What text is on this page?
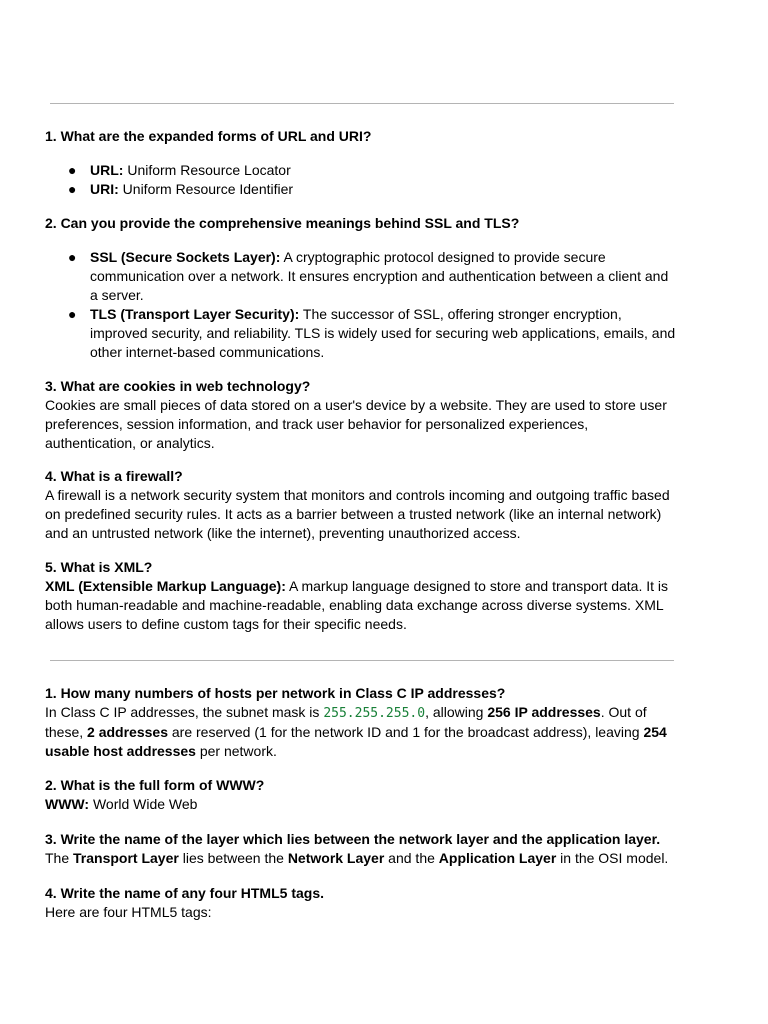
1. What are the expanded forms of URL and URI?

● URL: Uniform Resource Locator
● URI: Uniform Resource Identifier

2. Can you provide the comprehensive meanings behind SSL and TLS?

● SSL (Secure Sockets Layer): A cryptographic protocol designed to provide secure communication over a network. It ensures encryption and authentication between a client and a server.
● TLS (Transport Layer Security): The successor of SSL, offering stronger encryption, improved security, and reliability. TLS is widely used for securing web applications, emails, and other internet-based communications.

3. What are cookies in web technology?

Cookies are small pieces of data stored on a user's device by a website. They are used to store user preferences, session information, and track user behavior for personalized experiences, authentication, or analytics.

4. What is a firewall?

A firewall is a network security system that monitors and controls incoming and outgoing traffic based on predefined security rules. It acts as a barrier between a trusted network (like an internal network) and an untrusted network (like the internet), preventing unauthorized access.

5. What is XML?

XML (Extensible Markup Language): A markup language designed to store and transport data. It is both human-readable and machine-readable, enabling data exchange across diverse systems. XML allows users to define custom tags for their specific needs.

1. How many numbers of hosts per network in Class C IP addresses?

In Class C IP addresses, the subnet mask is 255.255.255.0, allowing 256 IP addresses. Out of these, 2 addresses are reserved (1 for the network ID and 1 for the broadcast address), leaving 254 usable host addresses per network.

2. What is the full form of WWW?

WWW: World Wide Web

3. Write the name of the layer which lies between the network layer and the application layer.

The Transport Layer lies between the Network Layer and the Application Layer in the OSI model.

4. Write the name of any four HTML5 tags.

Here are four HTML5 tags:
